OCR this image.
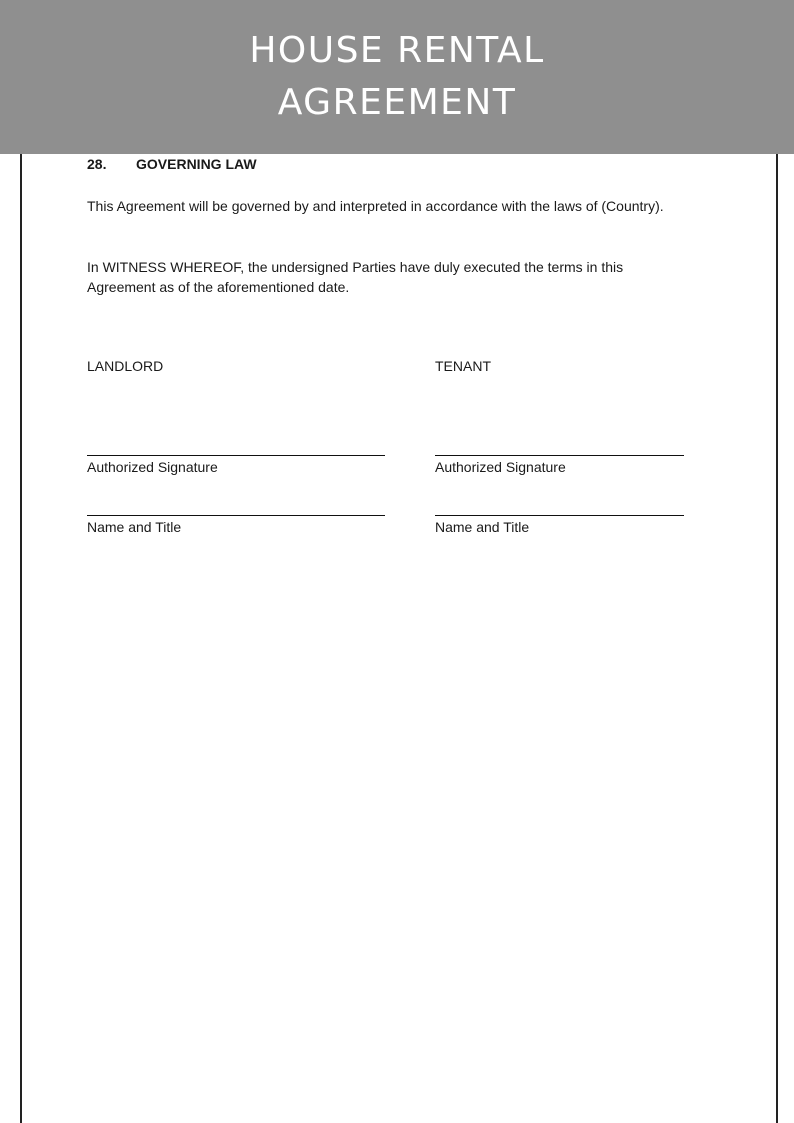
HOUSE RENTAL
AGREEMENT
28.	GOVERNING LAW
This Agreement will be governed by and interpreted in accordance with the laws of (Country).
In WITNESS WHEREOF, the undersigned Parties have duly executed the terms in this Agreement as of the aforementioned date.
LANDLORD	TENANT
Authorized Signature	Authorized Signature
Name and Title	Name and Title
